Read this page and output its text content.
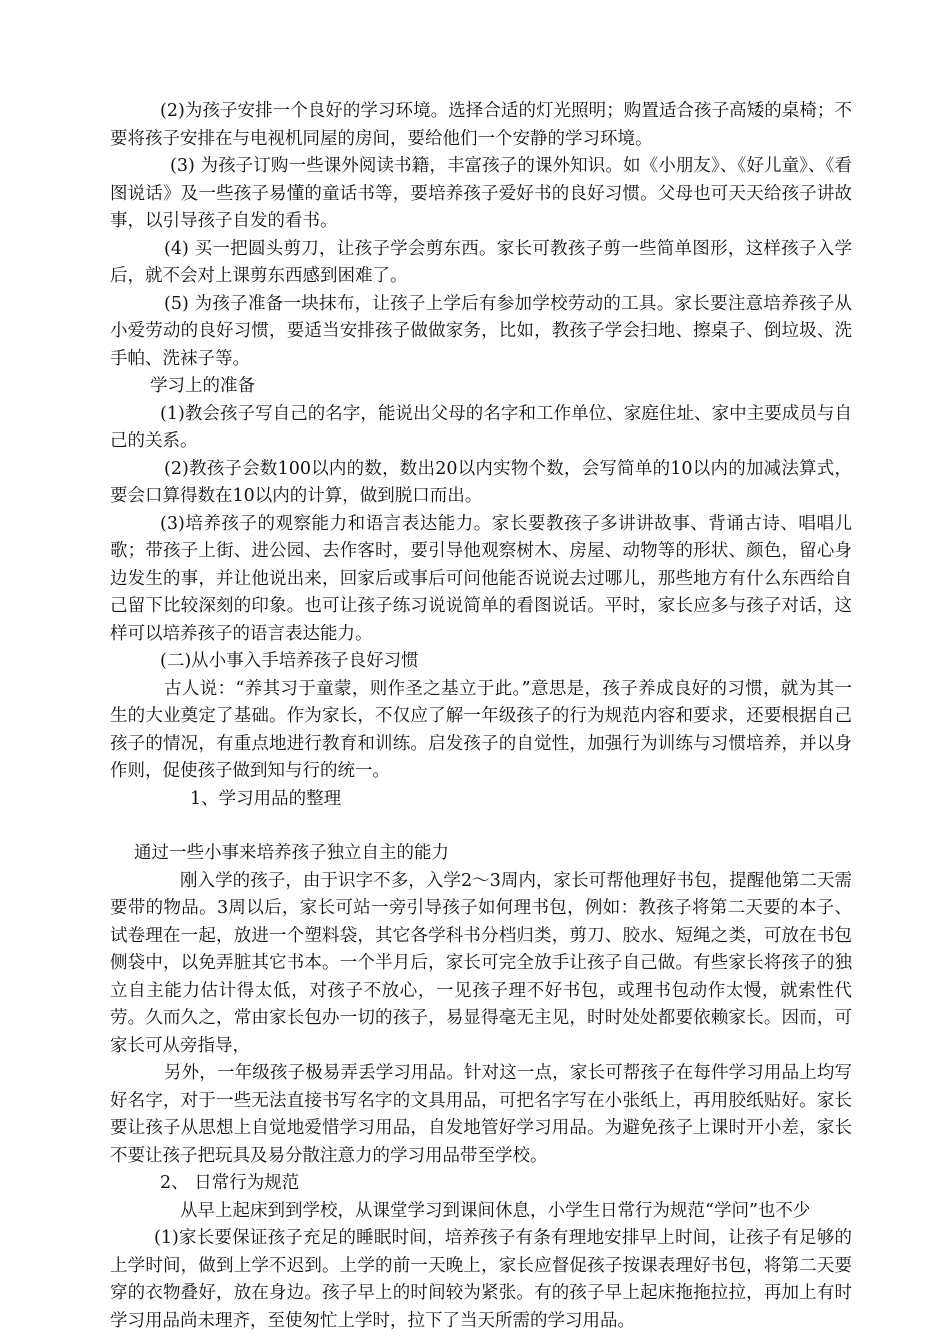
(2)为孩子安排一个良好的学习环境。选择合适的灯光照明；购置适合孩子高矮的桌椅；不要将孩子安排在与电视机同屋的房间，要给他们一个安静的学习环境。

(3) 为孩子订购一些课外阅读书籍，丰富孩子的课外知识。如《小朋友》、《好儿童》、《看图说话》及一些孩子易懂的童话书等，要培养孩子爱好书的良好习惯。父母也可天天给孩子讲故事，以引导孩子自发的看书。

(4) 买一把圆头剪刀，让孩子学会剪东西。家长可教孩子剪一些简单图形，这样孩子入学后，就不会对上课剪东西感到困难了。

(5) 为孩子准备一块抹布，让孩子上学后有参加学校劳动的工具。家长要注意培养孩子从小爱劳动的良好习惯，要适当安排孩子做做家务，比如，教孩子学会扫地、擦桌子、倒垃圾、洗手帕、洗袜子等。

学习上的准备

(1)教会孩子写自己的名字，能说出父母的名字和工作单位、家庭住址、家中主要成员与自己的关系。

(2)教孩子会数100以内的数，数出20以内实物个数，会写简单的10以内的加减法算式，要会口算得数在10以内的计算，做到脱口而出。

(3)培养孩子的观察能力和语言表达能力。家长要教孩子多讲讲故事、背诵古诗、唱唱儿歌；带孩子上街、进公园、去作客时，要引导他观察树木、房屋、动物等的形状、颜色，留心身边发生的事，并让他说出来，回家后或事后可问他能否说说去过哪儿，那些地方有什么东西给自己留下比较深刻的印象。也可让孩子练习说说简单的看图说话。平时，家长应多与孩子对话，这样可以培养孩子的语言表达能力。

(二)从小事入手培养孩子良好习惯

古人说：“养其习于童蒙，则作圣之基立于此。”意思是，孩子养成良好的习惯，就为其一生的大业奠定了基础。作为家长，不仅应了解一年级孩子的行为规范内容和要求，还要根据自己孩子的情况，有重点地进行教育和训练。启发孩子的自觉性，加强行为训练与习惯培养，并以身作则，促使孩子做到知与行的统一。

1、学习用品的整理

通过一些小事来培养孩子独立自主的能力

刚入学的孩子，由于识字不多，入学2～3周内，家长可帮他理好书包，提醒他第二天需要带的物品。3周以后，家长可站一旁引导孩子如何理书包，例如：教孩子将第二天要的本子、试卷理在一起，放进一个塑料袋，其它各学科书分档归类，剪刀、胶水、短绳之类，可放在书包侧袋中，以免弄脏其它书本。一个半月后，家长可完全放手让孩子自己做。有些家长将孩子的独立自主能力估计得太低，对孩子不放心，一见孩子理不好书包，或理书包动作太慢，就索性代劳。久而久之，常由家长包办一切的孩子，易显得毫无主见，时时处处都要依赖家长。因而，可家长可从旁指导，

另外，一年级孩子极易弄丢学习用品。针对这一点，家长可帮孩子在每件学习用品上均写好名字，对于一些无法直接书写名字的文具用品，可把名字写在小张纸上，再用胶纸贴好。家长要让孩子从思想上自觉地爱惜学习用品，自发地管好学习用品。为避免孩子上课时开小差，家长不要让孩子把玩具及易分散注意力的学习用品带至学校。

2、 日常行为规范

从早上起床到到学校，从课堂学习到课间休息，小学生日常行为规范“学问”也不少

(1)家长要保证孩子充足的睡眠时间，培养孩子有条有理地安排早上时间，让孩子有足够的上学时间，做到上学不迟到。上学的前一天晚上，家长应督促孩子按课表理好书包，将第二天要穿的衣物叠好，放在身边。孩子早上的时间较为紧张。有的孩子早上起床拖拖拉拉，再加上有时学习用品尚未理齐，至使匆忙上学时，拉下了当天所需的学习用品。
